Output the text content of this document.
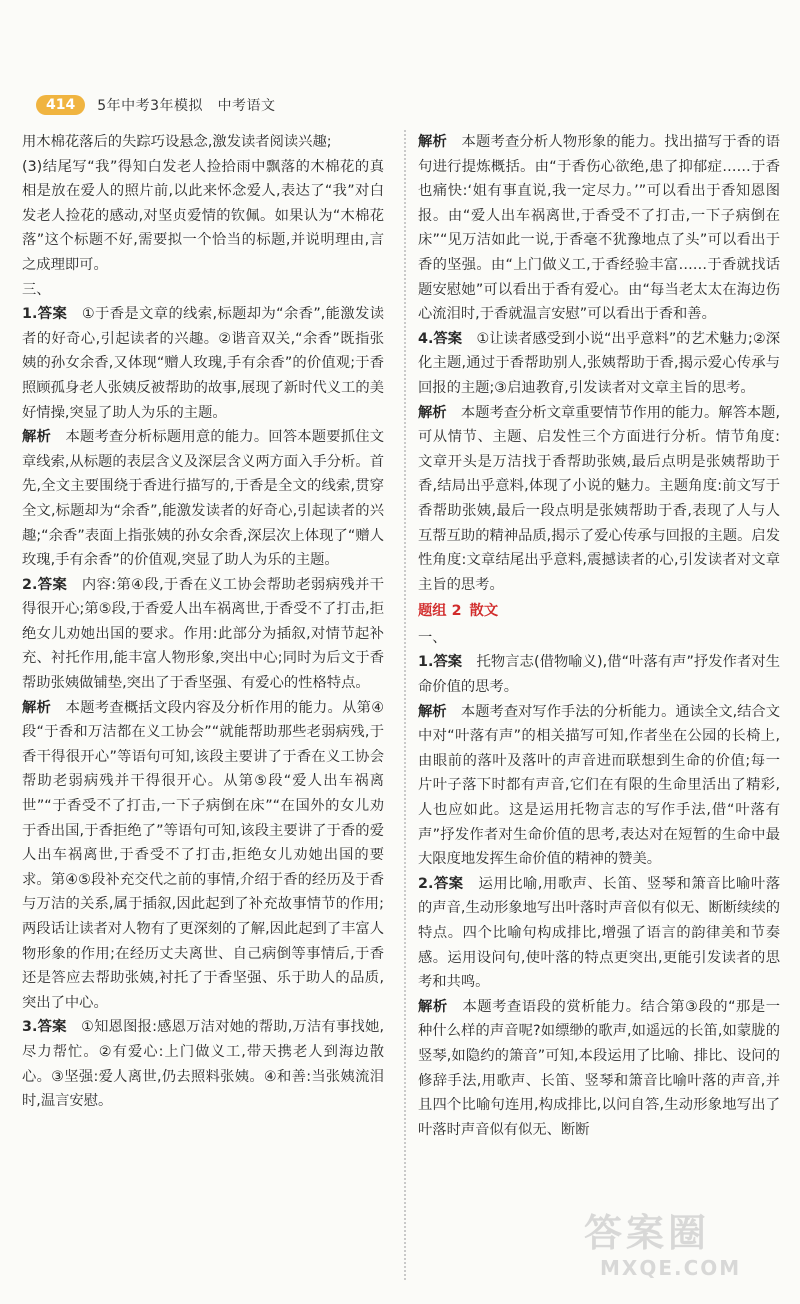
414	5年中考3年模拟　中考语文

用木棉花落后的失踪巧设悬念,激发读者阅读兴趣;

(3)结尾写“我”得知白发老人捡拾雨中飘落的木棉花的真相是放在爱人的照片前,以此来怀念爱人,表达了“我”对白发老人捡花的感动,对坚贞爱情的钦佩。如果认为“木棉花落”这个标题不好,需要拟一个恰当的标题,并说明理由,言之成理即可。

三、

1.答案　 ①于香是文章的线索,标题却为“余香”,能激发读者的好奇心,引起读者的兴趣。②谐音双关,“余香”既指张姨的孙女余香,又体现“赠人玫瑰,手有余香”的价值观;于香照顾孤身老人张姨反被帮助的故事,展现了新时代义工的美好情操,突显了助人为乐的主题。

解析　 本题考查分析标题用意的能力。回答本题要抓住文章线索,从标题的表层含义及深层含义两方面入手分析。首先,全文主要围绕于香进行描写的,于香是全文的线索,贯穿全文,标题却为“余香”,能激发读者的好奇心,引起读者的兴趣;“余香”表面上指张姨的孙女余香,深层次上体现了“赠人玫瑰,手有余香”的价值观,突显了助人为乐的主题。

2.答案　 内容:第④段,于香在义工协会帮助老弱病残并干得很开心;第⑤段,于香爱人出车祸离世,于香受不了打击,拒绝女儿劝她出国的要求。作用:此部分为插叙,对情节起补充、衬托作用,能丰富人物形象,突出中心;同时为后文于香帮助张姨做铺垫,突出了于香坚强、有爱心的性格特点。

解析　 本题考查概括文段内容及分析作用的能力。从第④段“于香和万洁都在义工协会”“就能帮助那些老弱病残,于香干得很开心”等语句可知,该段主要讲了于香在义工协会帮助老弱病残并干得很开心。从第⑤段“爱人出车祸离世”“于香受不了打击,一下子病倒在床”“在国外的女儿劝于香出国,于香拒绝了”等语句可知,该段主要讲了于香的爱人出车祸离世,于香受不了打击,拒绝女儿劝她出国的要求。第④⑤段补充交代之前的事情,介绍于香的经历及于香与万洁的关系,属于插叙,因此起到了补充故事情节的作用;两段话让读者对人物有了更深刻的了解,因此起到了丰富人物形象的作用;在经历丈夫离世、自己病倒等事情后,于香还是答应去帮助张姨,衬托了于香坚强、乐于助人的品质,突出了中心。

3.答案　 ①知恩图报:感恩万洁对她的帮助,万洁有事找她,尽力帮忙。②有爱心:上门做义工,带天携老人到海边散心。③坚强:爱人离世,仍去照料张姨。④和善:当张姨流泪时,温言安慰。

解析　 本题考查分析人物形象的能力。找出描写于香的语句进行提炼概括。由“于香伤心欲绝,患了抑郁症……于香也痛快:‘姐有事直说,我一定尽力。’”可以看出于香知恩图报。由“爱人出车祸离世,于香受不了打击,一下子病倒在床”“见万洁如此一说,于香毫不犹豫地点了头”可以看出于香的坚强。由“上门做义工,于香经验丰富……于香就找话题安慰她”可以看出于香有爱心。由“每当老太太在海边伤心流泪时,于香就温言安慰”可以看出于香和善。

4.答案　 ①让读者感受到小说“出乎意料”的艺术魅力;②深化主题,通过于香帮助别人,张姨帮助于香,揭示爱心传承与回报的主题;③启迪教育,引发读者对文章主旨的思考。

解析　 本题考查分析文章重要情节作用的能力。解答本题,可从情节、主题、启发性三个方面进行分析。情节角度:文章开头是万洁找于香帮助张姨,最后点明是张姨帮助于香,结局出乎意料,体现了小说的魅力。主题角度:前文写于香帮助张姨,最后一段点明是张姨帮助于香,表现了人与人互帮互助的精神品质,揭示了爱心传承与回报的主题。启发性角度:文章结尾出乎意料,震撼读者的心,引发读者对文章主旨的思考。

题组 2 散文

一、

1.答案　 托物言志(借物喻义),借“叶落有声”抒发作者对生命价值的思考。

解析　 本题考查对写作手法的分析能力。通读全文,结合文中对“叶落有声”的相关描写可知,作者坐在公园的长椅上,由眼前的落叶及落叶的声音进而联想到生命的价值;每一片叶子落下时都有声音,它们在有限的生命里活出了精彩,人也应如此。这是运用托物言志的写作手法,借“叶落有声”抒发作者对生命价值的思考,表达对在短暂的生命中最大限度地发挥生命价值的精神的赞美。

2.答案　 运用比喻,用歌声、长笛、竖琴和箫音比喻叶落的声音,生动形象地写出叶落时声音似有似无、断断续续的特点。四个比喻句构成排比,增强了语言的韵律美和节奏感。运用设问句,使叶落的特点更突出,更能引发读者的思考和共鸣。

解析　 本题考查语段的赏析能力。结合第③段的“那是一种什么样的声音呢?如缥缈的歌声,如遥远的长笛,如蒙胧的竖琴,如隐约的箫音”可知,本段运用了比喻、排比、设问的修辞手法,用歌声、长笛、竖琴和箫音比喻叶落的声音,并且四个比喻句连用,构成排比,以问自答,生动形象地写出了叶落时声音似有似无、断断

答案圈
MXQE.COM
